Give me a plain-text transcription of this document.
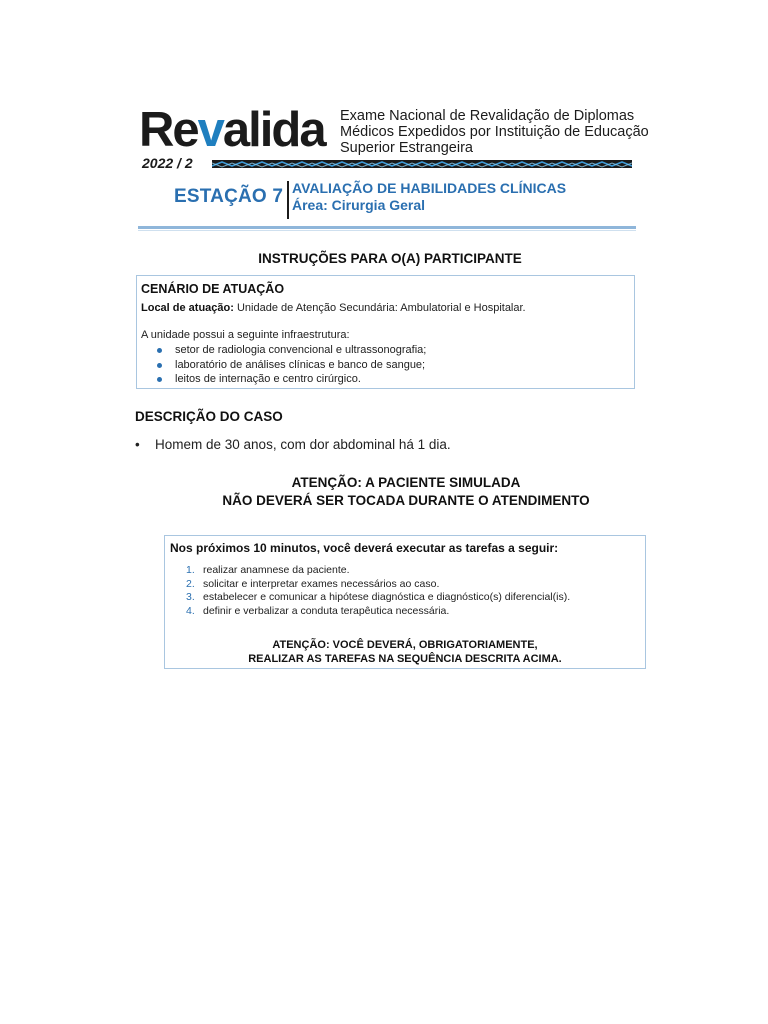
Revalida Exame Nacional de Revalidação de Diplomas
Médicos Expedidos por Instituição de Educação
Superior Estrangeira
2022 / 2
ESTAÇÃO 7 AVALIAÇÃO DE HABILIDADES CLÍNICAS
Área: Cirurgia Geral
INSTRUÇÕES PARA O(A) PARTICIPANTE
CENÁRIO DE ATUAÇÃO
Local de atuação: Unidade de Atenção Secundária: Ambulatorial e Hospitalar.
A unidade possui a seguinte infraestrutura:
setor de radiologia convencional e ultrassonografia;
laboratório de análises clínicas e banco de sangue;
leitos de internação e centro cirúrgico.
DESCRIÇÃO DO CASO
• Homem de 30 anos, com dor abdominal há 1 dia.
ATENÇÃO: A PACIENTE SIMULADA
NÃO DEVERÁ SER TOCADA DURANTE O ATENDIMENTO
Nos próximos 10 minutos, você deverá executar as tarefas a seguir:
1. realizar anamnese da paciente.
2. solicitar e interpretar exames necessários ao caso.
3. estabelecer e comunicar a hipótese diagnóstica e diagnóstico(s) diferencial(is).
4. definir e verbalizar a conduta terapêutica necessária.
ATENÇÃO: VOCÊ DEVERÁ, OBRIGATORIAMENTE,
REALIZAR AS TAREFAS NA SEQUÊNCIA DESCRITA ACIMA.
